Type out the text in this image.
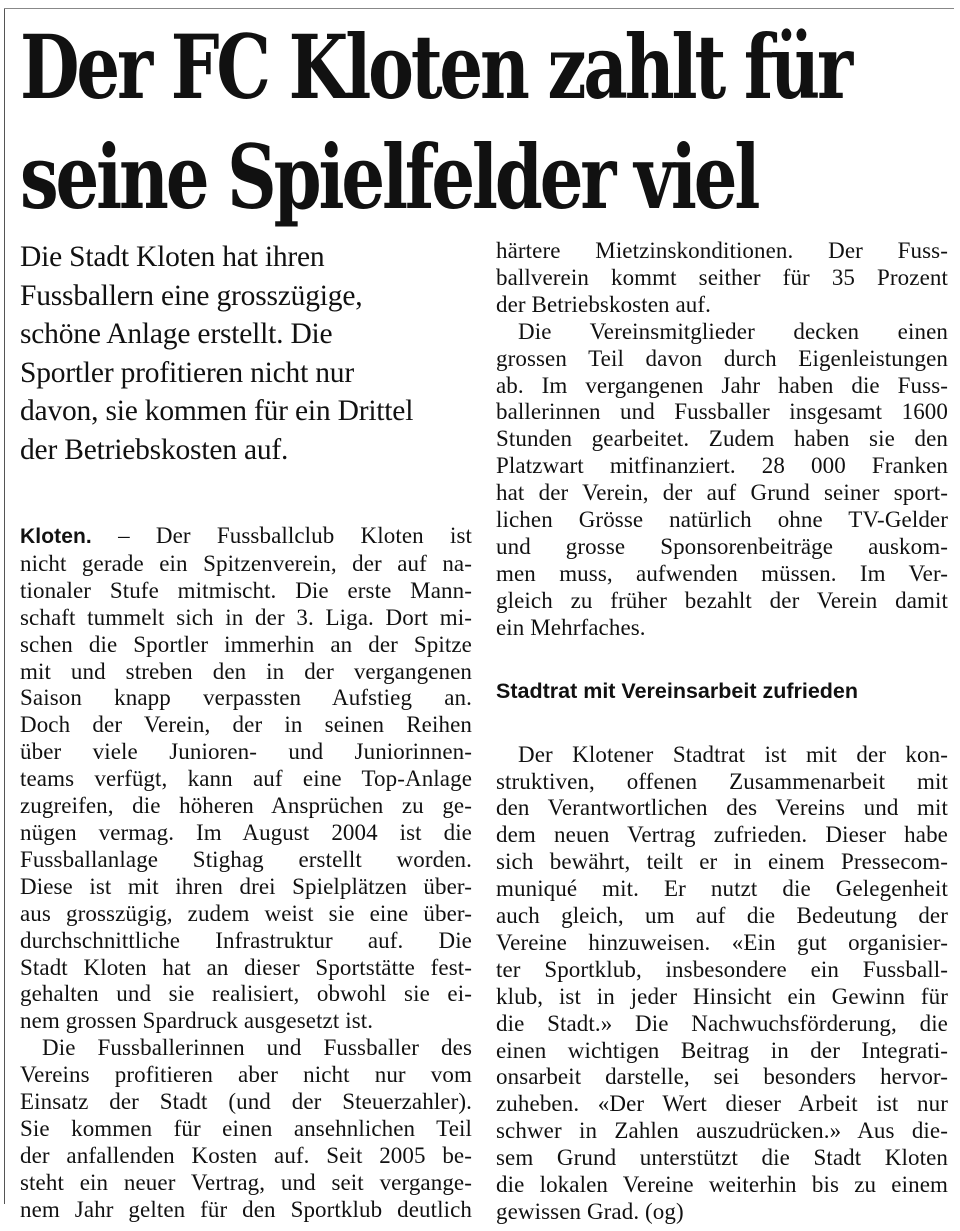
Der FC Kloten zahlt für
seine Spielfelder viel
Die Stadt Kloten hat ihren
Fussballern eine grosszügige,
schöne Anlage erstellt. Die
Sportler profitieren nicht nur
davon, sie kommen für ein Drittel
der Betriebskosten auf.
Kloten. – Der Fussballclub Kloten ist
nicht gerade ein Spitzenverein, der auf na-
tionaler Stufe mitmischt. Die erste Mann-
schaft tummelt sich in der 3. Liga. Dort mi-
schen die Sportler immerhin an der Spitze
mit und streben den in der vergangenen
Saison knapp verpassten Aufstieg an.
Doch der Verein, der in seinen Reihen
über viele Junioren- und Juniorinnen-
teams verfügt, kann auf eine Top-Anlage
zugreifen, die höheren Ansprüchen zu ge-
nügen vermag. Im August 2004 ist die
Fussballanlage Stighag erstellt worden.
Diese ist mit ihren drei Spielplätzen über-
aus grosszügig, zudem weist sie eine über-
durchschnittliche Infrastruktur auf. Die
Stadt Kloten hat an dieser Sportstätte fest-
gehalten und sie realisiert, obwohl sie ei-
nem grossen Spardruck ausgesetzt ist.
Die Fussballerinnen und Fussballer des
Vereins profitieren aber nicht nur vom
Einsatz der Stadt (und der Steuerzahler).
Sie kommen für einen ansehnlichen Teil
der anfallenden Kosten auf. Seit 2005 be-
steht ein neuer Vertrag, und seit vergange-
nem Jahr gelten für den Sportklub deutlich
härtere Mietzinskonditionen. Der Fuss-
ballverein kommt seither für 35 Prozent
der Betriebskosten auf.
Die Vereinsmitglieder decken einen
grossen Teil davon durch Eigenleistungen
ab. Im vergangenen Jahr haben die Fuss-
ballerinnen und Fussballer insgesamt 1600
Stunden gearbeitet. Zudem haben sie den
Platzwart mitfinanziert. 28 000 Franken
hat der Verein, der auf Grund seiner sport-
lichen Grösse natürlich ohne TV-Gelder
und grosse Sponsorenbeiträge auskom-
men muss, aufwenden müssen. Im Ver-
gleich zu früher bezahlt der Verein damit
ein Mehrfaches.
Stadtrat mit Vereinsarbeit zufrieden
Der Klotener Stadtrat ist mit der kon-
struktiven, offenen Zusammenarbeit mit
den Verantwortlichen des Vereins und mit
dem neuen Vertrag zufrieden. Dieser habe
sich bewährt, teilt er in einem Pressecom-
muniqué mit. Er nutzt die Gelegenheit
auch gleich, um auf die Bedeutung der
Vereine hinzuweisen. «Ein gut organisier-
ter Sportklub, insbesondere ein Fussball-
klub, ist in jeder Hinsicht ein Gewinn für
die Stadt.» Die Nachwuchsförderung, die
einen wichtigen Beitrag in der Integrati-
onsarbeit darstelle, sei besonders hervor-
zuheben. «Der Wert dieser Arbeit ist nur
schwer in Zahlen auszudrücken.» Aus die-
sem Grund unterstützt die Stadt Kloten
die lokalen Vereine weiterhin bis zu einem
gewissen Grad. (og)
